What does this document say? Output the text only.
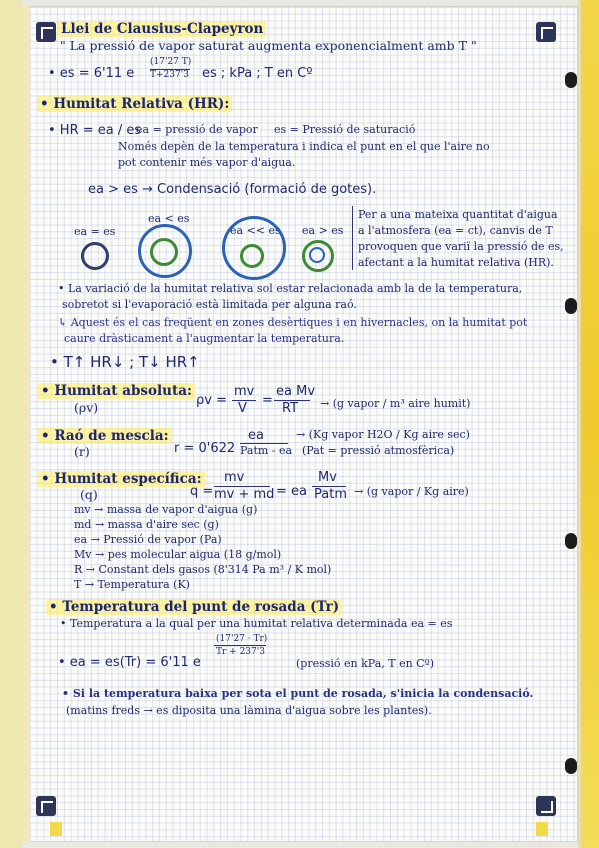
Llei de Clausius-Clapeyron
" La pressió de vapor saturat augmenta exponencialment amb T "
• es = 6'11 e
(17'27 T)
T+237'3 es ; kPa ; T en Cº
• Humitat Relativa (HR):
• HR = ea / es
ea = pressió de vapor es = Pressió de saturació
Només depèn de la temperatura i indica el punt en el que l'aire no
pot contenir més vapor d'aigua.
ea > es → Condensació (formació de gotes).
ea = es
ea < es
ea << es ea > es
Per a una mateixa quantitat d'aigua
a l'atmosfera (ea = ct), canvis de T
provoquen que variï la pressió de es,
afectant a la humitat relativa (HR).
• La variació de la humitat relativa sol estar relacionada amb la de la temperatura,
sobretot si l'evaporació està limitada per alguna raó.
↳ Aquest és el cas freqüent en zones desèrtiques i en hivernacles, on la humitat pot
caure dràsticament a l'augmentar la temperatura.
• T↑ HR↓ ; T↓ HR↑
• Humitat absoluta:
(ρv)	ρv =
mv
V
=
ea Mv
RT → (g vapor / m³ aire humit)
• Raó de mescla:
(r)	r = 0'622
ea
Patm - ea
→ (Kg vapor H2O / Kg aire sec)
(Pat = pressió atmosfèrica)
• Humitat específica:
(q)	q =
mv
mv + md = ea
Mv
Patm → (g vapor / Kg aire)
mv → massa de vapor d'aigua (g)
md → massa d'aire sec (g)
ea → Pressió de vapor (Pa)
Mv → pes molecular aigua (18 g/mol)
R → Constant dels gasos (8'314 Pa m³ / K mol)
T → Temperatura (K)
• Temperatura del punt de rosada (Tr)
• Temperatura a la qual per una humitat relativa determinada ea = es
• ea = es(Tr) = 6'11 e
(17'27 · Tr)
Tr + 237'3
(pressió en kPa, T en Cº)
• Si la temperatura baixa per sota el punt de rosada, s'inicia la condensació.
(matins freds → es diposita una làmina d'aigua sobre les plantes).
